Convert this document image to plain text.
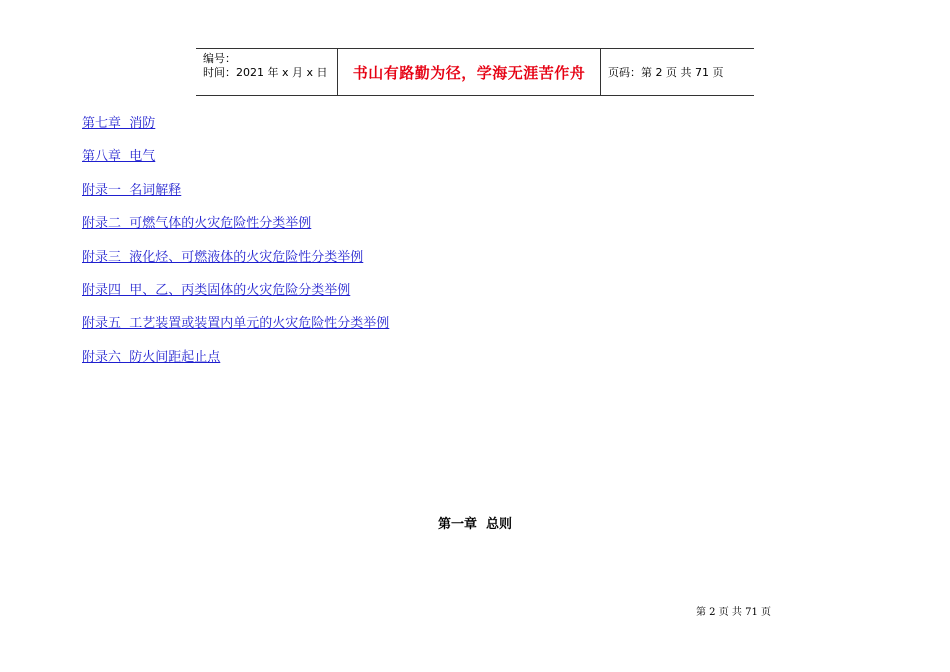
编号：
时间：2021 年 x 月 x 日	书山有路勤为径，学海无涯苦作舟	页码：第 2 页 共 71 页
第七章  消防
第八章  电气
附录一  名词解释
附录二  可燃气体的火灾危险性分类举例
附录三  液化烃、可燃液体的火灾危险性分类举例
附录四  甲、乙、丙类固体的火灾危险分类举例
附录五  工艺装置或装置内单元的火灾危险性分类举例
附录六  防火间距起止点
第一章  总则
第 2 页 共 71 页
